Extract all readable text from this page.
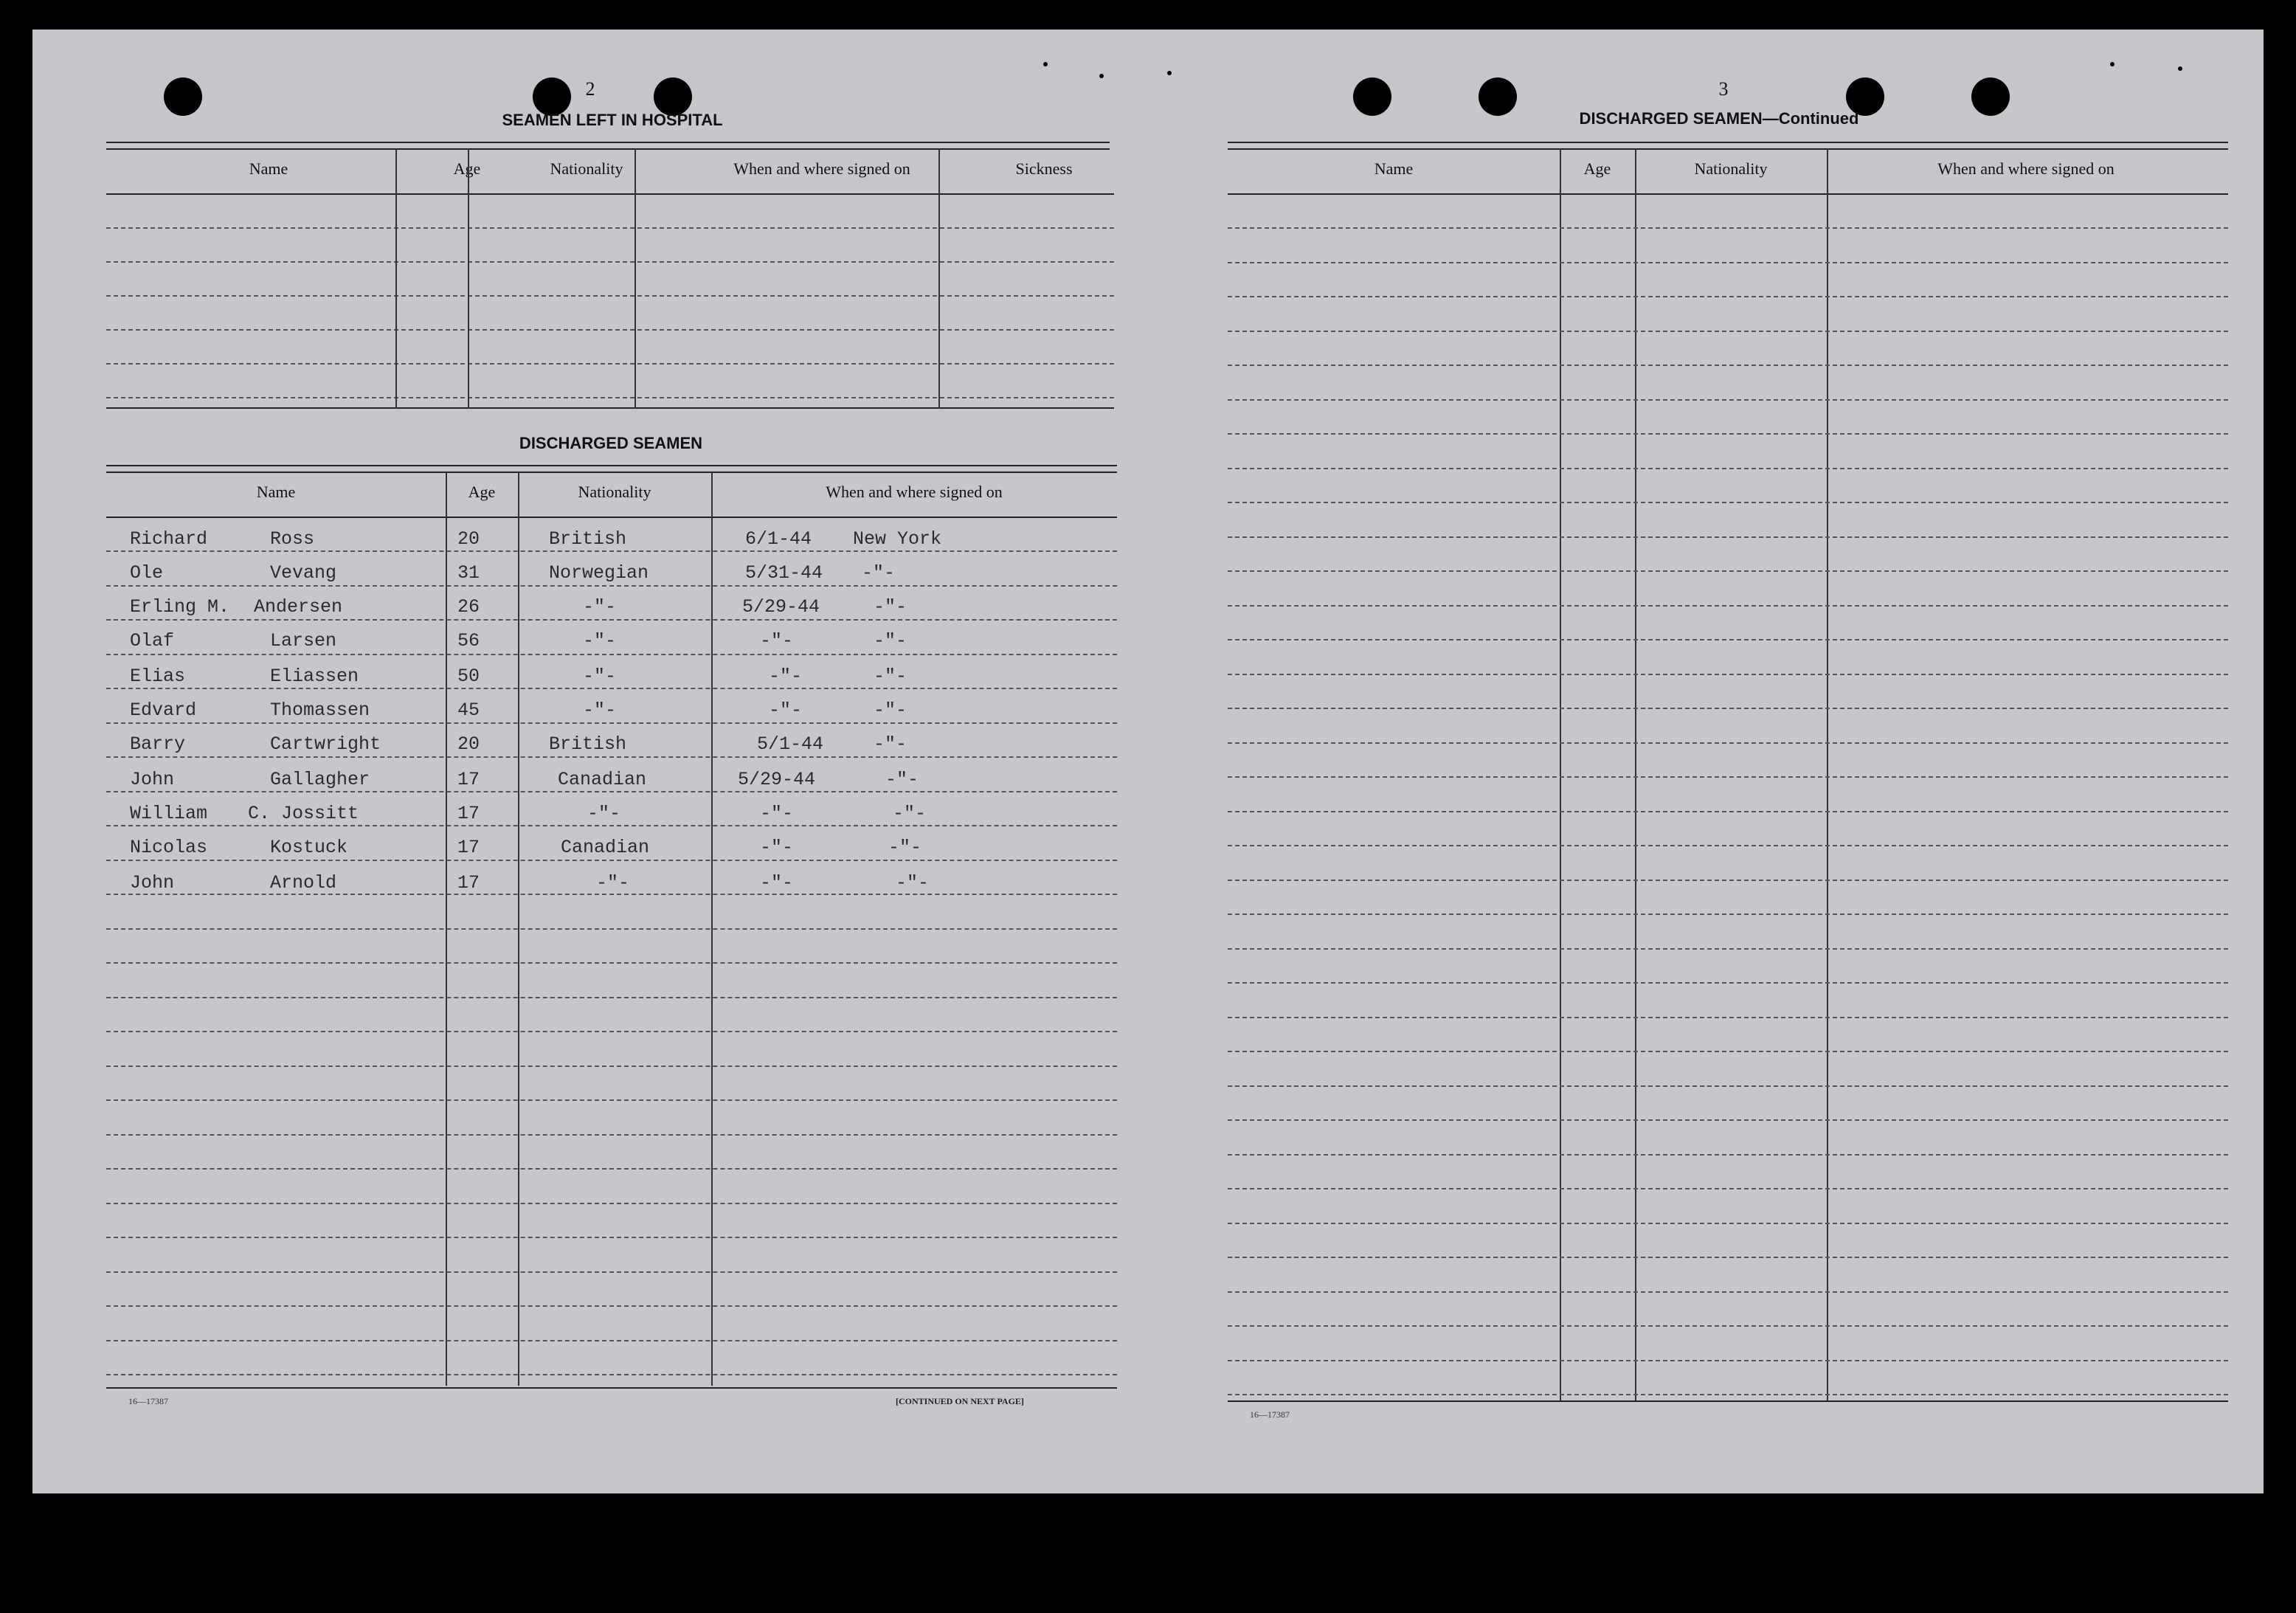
2
SEAMEN LEFT IN HOSPITAL
Name	Age	Nationality	When and where signed on	Sickness
DISCHARGED SEAMEN
Name	Age	Nationality	When and where signed on
Richard	Ross	20	British	6/1-44 New York
Ole	Vevang	31	Norwegian	5/31-44 -"-
Erling M. Andersen	26	-"-	5/29-44	-"-
Olaf	Larsen	56	-"-	-"-	-"-
Elias	Eliassen	50	-"-	-"-	-"-
Edvard	Thomassen	45	-"-	-"-	-"-
Barry	Cartwright	20	British	5/1-44	-"-
John	Gallagher	17	Canadian	5/29-44	-"-
William C. Jossitt	17	-"-	-"-	-"-
Nicolas	Kostuck	17	Canadian	-"-	-"-
John	Arnold	17	-"-	-"-	-"-
16—17387	[CONTINUED ON NEXT PAGE]
3
DISCHARGED SEAMEN—Continued
Name	Age	Nationality	When and where signed on
16—17387
